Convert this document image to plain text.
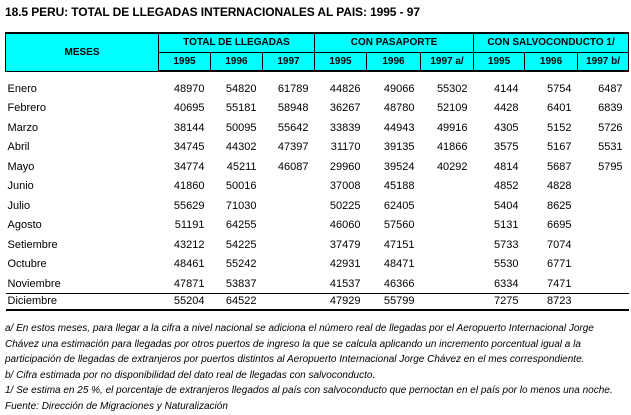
18.5 PERU: TOTAL DE LLEGADAS INTERNACIONALES AL PAIS: 1995 - 97
MESES	TOTAL DE LLEGADAS			CON PASAPORTE			CON SALVOCONDUCTO 1/		
	1995	1996	1997	1995	1996	1997 a/	1995	1996	1997 b/

Enero	48970	54820	61789	44826	49066	55302	4144	5754	6487
Febrero	40695	55181	58948	36267	48780	52109	4428	6401	6839
Marzo	38144	50095	55642	33839	44943	49916	4305	5152	5726
Abril	34745	44302	47397	31170	39135	41866	3575	5167	5531
Mayo	34774	45211	46087	29960	39524	40292	4814	5687	5795
Junio	41860	50016		37008	45188		4852	4828	
Julio	55629	71030		50225	62405		5404	8625	
Agosto	51191	64255		46060	57560		5131	6695	
Setiembre	43212	54225		37479	47151		5733	7074	
Octubre	48461	55242		42931	48471		5530	6771	
Noviembre	47871	53837		41537	46366		6334	7471	
Diciembre	55204	64522		47929	55799		7275	8723	
a/ En estos meses, para llegar a la cifra a nivel nacional se adiciona el número real de llegadas por el Aeropuerto Internacional Jorge
Chávez una estimación para llegadas por otros puertos de ingreso la que se calcula aplicando un incremento porcentual igual a la
participación de llegadas de extranjeros por puertos distintos al Aeropuerto Internacional Jorge Chávez en el mes correspondiente.
b/ Cifra estimada por no disponibilidad del dato real de llegadas con salvoconducto.
1/ Se estima en 25 %, el porcentaje de extranjeros llegados al país con salvoconducto que pernoctan en el país por lo menos una noche.
Fuente: Dirección de Migraciones y Naturalización
